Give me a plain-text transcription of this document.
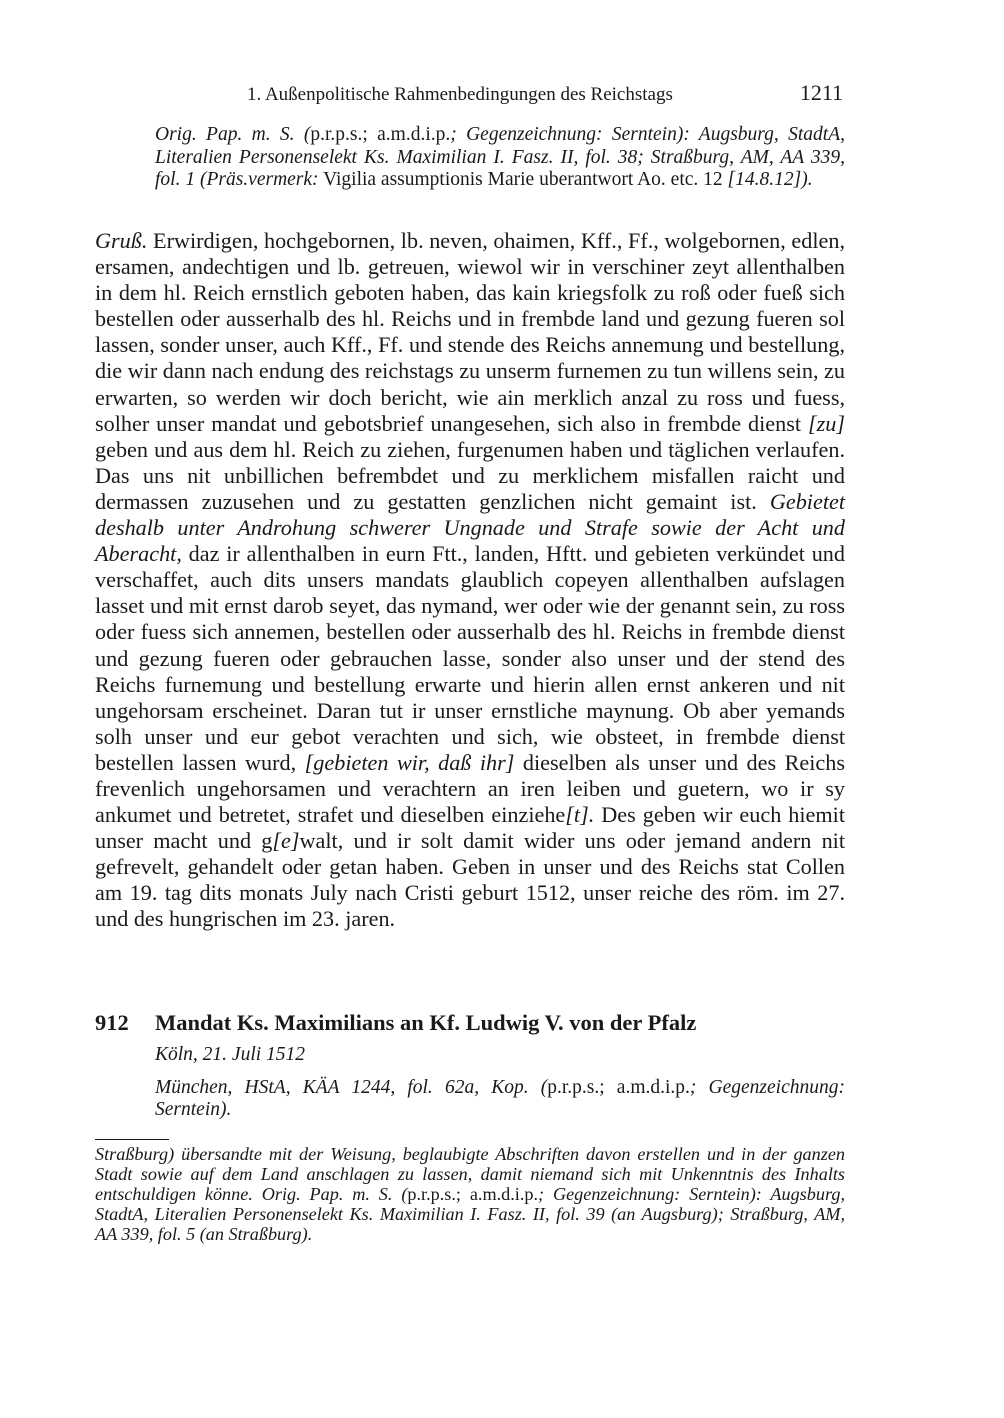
1. Außenpolitische Rahmenbedingungen des Reichstags	1211

Orig. Pap. m. S. (p.r.p.s.; a.m.d.i.p.; Gegenzeichnung: Serntein): Augsburg, StadtA, Literalien Personenselekt Ks. Maximilian I. Fasz. II, fol. 38; Straßburg, AM, AA 339, fol. 1 (Präs.vermerk: Vigilia assumptionis Marie uberantwort Ao. etc. 12 [14.8.12]).

Gruß. Erwirdigen, hochgebornen, lb. neven, ohaimen, Kff., Ff., wolgebornen, edlen, ersamen, andechtigen und lb. getreuen, wiewol wir in verschiner zeyt allenthalben in dem hl. Reich ernstlich geboten haben, das kain kriegsfolk zu roß oder fueß sich bestellen oder ausserhalb des hl. Reichs und in frembde land und gezung fueren sol lassen, sonder unser, auch Kff., Ff. und stende des Reichs annemung und bestellung, die wir dann nach endung des reichstags zu unserm furnemen zu tun willens sein, zu erwarten, so werden wir doch bericht, wie ain merklich anzal zu ross und fuess, solher unser mandat und gebotsbrief unangesehen, sich also in frembde dienst [zu] geben und aus dem hl. Reich zu ziehen, furgenumen haben und täglichen verlaufen. Das uns nit unbillichen befrembdet und zu merklichem misfallen raicht und dermassen zuzusehen und zu gestatten genzlichen nicht gemaint ist. Gebietet deshalb unter Androhung schwerer Ungnade und Strafe sowie der Acht und Aberacht, daz ir allenthalben in eurn Ftt., landen, Hftt. und gebieten verkündet und verschaffet, auch dits unsers mandats glaublich copeyen allenthalben aufslagen lasset und mit ernst darob seyet, das nymand, wer oder wie der genannt sein, zu ross oder fuess sich annemen, bestellen oder ausserhalb des hl. Reichs in frembde dienst und gezung fueren oder gebrauchen lasse, sonder also unser und der stend des Reichs furnemung und bestellung erwarte und hierin allen ernst ankeren und nit ungehorsam erscheinet. Daran tut ir unser ernstliche maynung. Ob aber yemands solh unser und eur gebot verachten und sich, wie obsteet, in frembde dienst bestellen lassen wurd, [gebieten wir, daß ihr] dieselben als unser und des Reichs frevenlich ungehorsamen und verachtern an iren leiben und guetern, wo ir sy ankumet und betretet, strafet und dieselben einziehe[t]. Des geben wir euch hiemit unser macht und g[e]walt, und ir solt damit wider uns oder jemand andern nit gefrevelt, gehandelt oder getan haben. Geben in unser und des Reichs stat Collen am 19. tag dits monats July nach Cristi geburt 1512, unser reiche des röm. im 27. und des hungrischen im 23. jaren.

912 Mandat Ks. Maximilians an Kf. Ludwig V. von der Pfalz
Köln, 21. Juli 1512

München, HStA, KÄA 1244, fol. 62a, Kop. (p.r.p.s.; a.m.d.i.p.; Gegenzeichnung: Serntein).

Straßburg) übersandte mit der Weisung, beglaubigte Abschriften davon erstellen und in der ganzen Stadt sowie auf dem Land anschlagen zu lassen, damit niemand sich mit Unkenntnis des Inhalts entschuldigen könne. Orig. Pap. m. S. (p.r.p.s.; a.m.d.i.p.; Gegenzeichnung: Serntein): Augsburg, StadtA, Literalien Personenselekt Ks. Maximilian I. Fasz. II, fol. 39 (an Augsburg); Straßburg, AM, AA 339, fol. 5 (an Straßburg).
